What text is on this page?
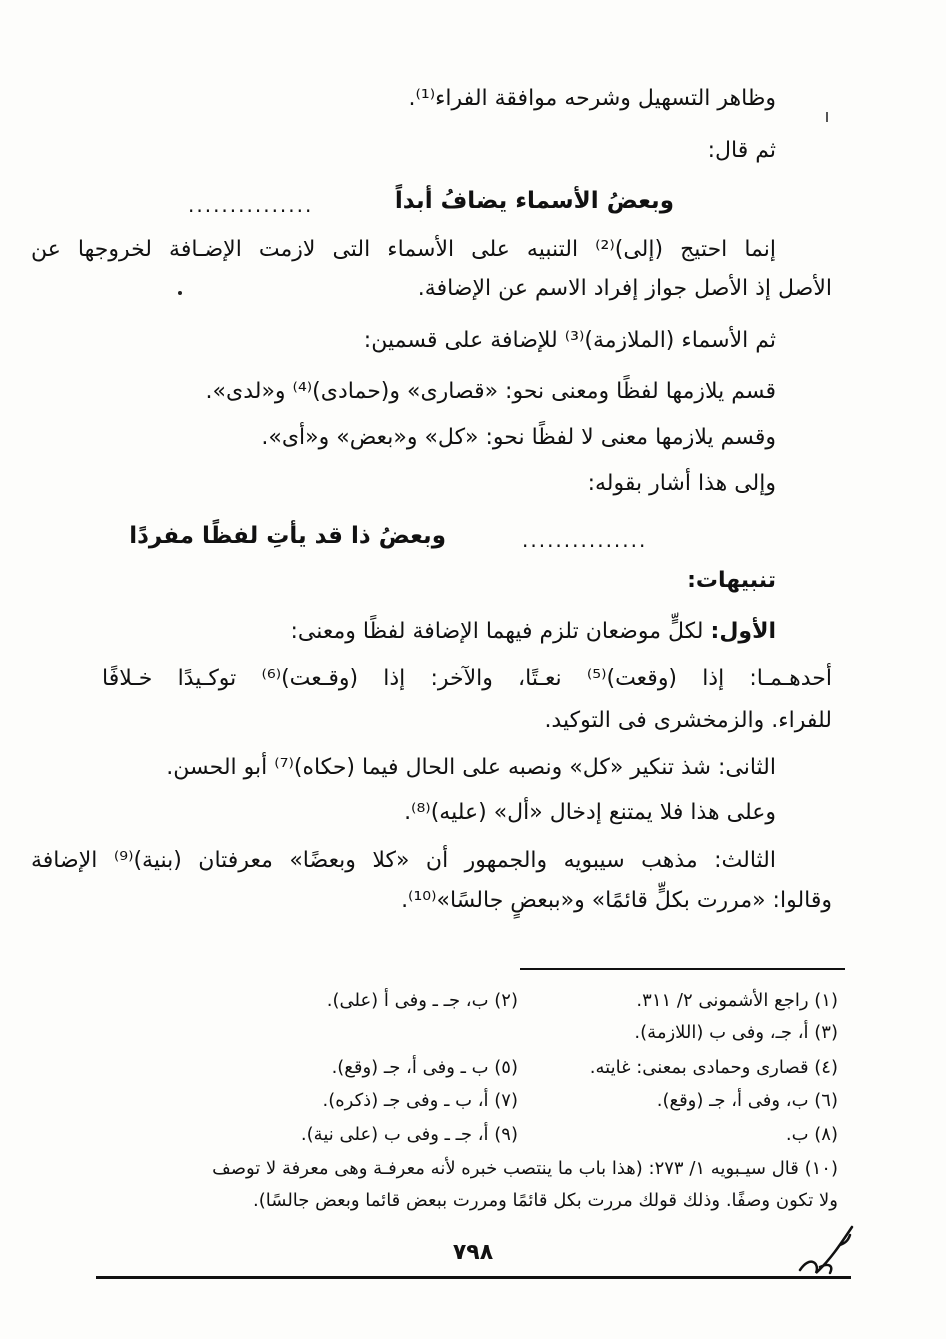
وظاهر التسهيل وشرحه موافقة الفراء⁽¹⁾.
ثم قال:
وبعضُ الأسماء يضافُ أبداً
...............
إنما احتيج (إلى)⁽²⁾ التنبيه على الأسماء التى لازمت الإضـافة لخروجها عن
الأصل إذ الأصل جواز إفراد الاسم عن الإضافة.
ثم الأسماء (الملازمة)⁽³⁾ للإضافة على قسمين:
قسم يلازمها لفظًا ومعنى نحو: «قصارى» و(حمادى)⁽⁴⁾ و«لدى».
وقسم يلازمها معنى لا لفظًا نحو: «كل» و«بعض» و«أى».
وإلى هذا أشار بقوله:
وبعضُ ذا قد يأتِ لفظًا مفردًا	...............
تنبيهات:
الأول: لكلٍّ موضعان تلزم فيهما الإضافة لفظًا ومعنى:
أحدهـمـا: إذا (وقعت)⁽⁵⁾ نعـتًا، والآخر: إذا (وقـعت)⁽⁶⁾ توكـيدًا خـلافًا
للفراء. والزمخشرى فى التوكيد.
الثانى: شذ تنكير «كل» ونصبه على الحال فيما (حكاه)⁽⁷⁾ أبو الحسن.
وعلى هذا فلا يمتنع إدخال «أل» (عليه)⁽⁸⁾.
الثالث: مذهب سيبويه والجمهور أن «كلا وبعضًا» معرفتان (بنية)⁽⁹⁾ الإضافة
وقالوا: «مررت بكلٍّ قائمًا» و«ببعضٍ جالسًا»⁽¹⁰⁾.
(١) راجع الأشمونى ٢/ ٣١١.
(٢) ب، جـ ـ وفى أ (على).
(٣) أ، جـ، وفى ب (اللازمة).
(٤) قصارى وحمادى بمعنى: غايته.
(٥) ب ـ وفى أ، جـ (وقع).
(٦) ب، وفى أ، جـ (وقع).
(٧) أ، ب ـ وفى جـ (ذكره).
(٨) ب.
(٩) أ، جـ ـ وفى ب (على نية).
(١٠) قال سيـبويه ١/ ٢٧٣: (هذا باب ما ينتصب خبره لأنه معرفـة وهى معرفة لا توصف
ولا تكون وصفًا. وذلك قولك مررت بكل قائمًا ومررت ببعض قائما وبعض جالسًا).
٧٩٨
